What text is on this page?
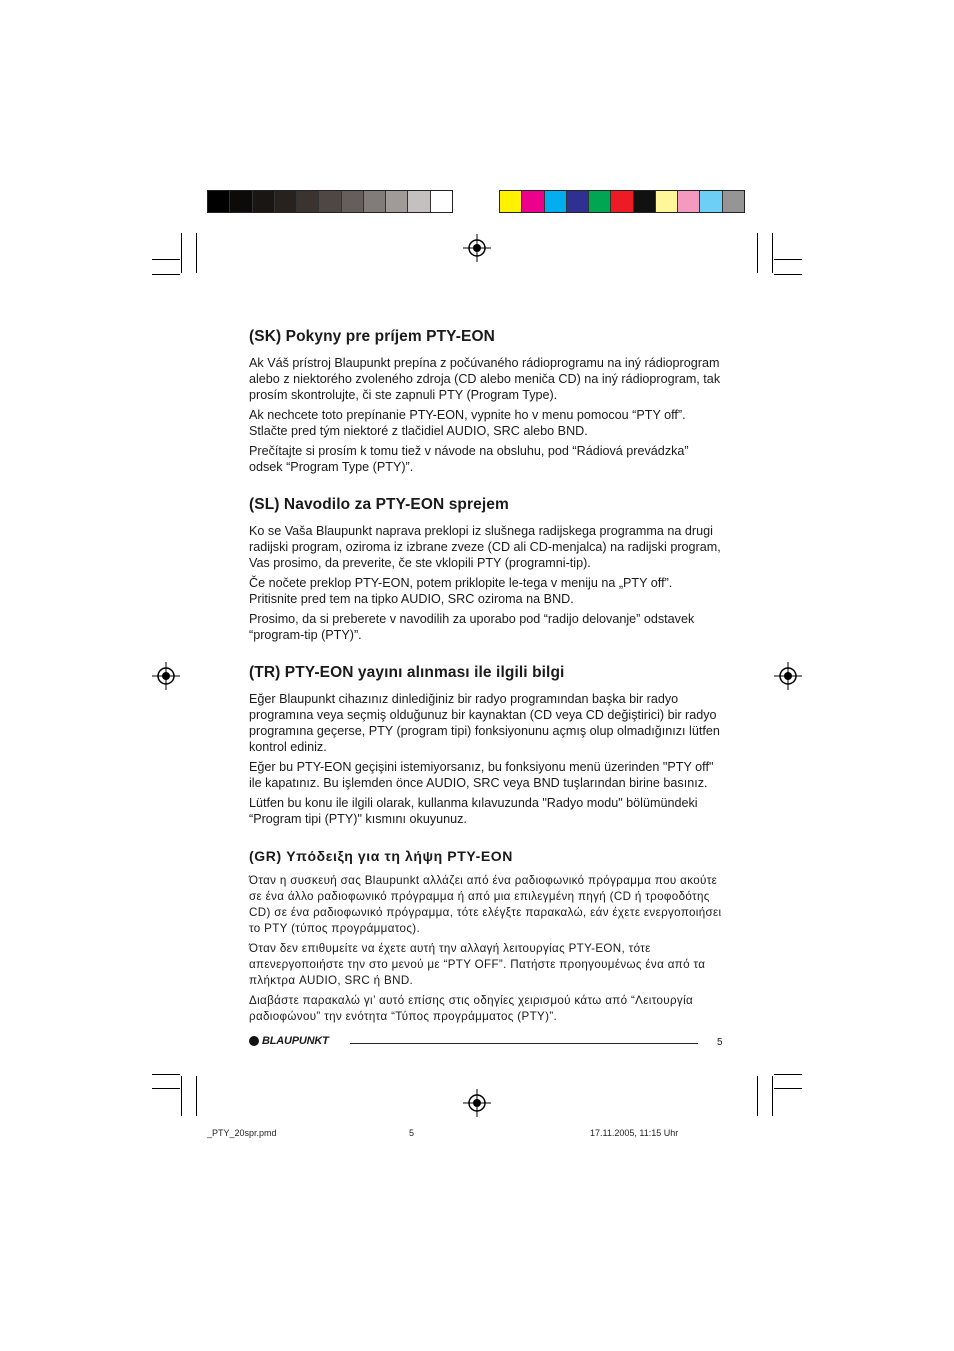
(SK) Pokyny pre príjem PTY-EON

Ak Váš prístroj Blaupunkt prepína z počúvaného rádioprogramu na iný rádioprogram alebo z niektorého zvoleného zdroja (CD alebo meniča CD) na iný rádioprogram, tak prosím skontrolujte, či ste zapnuli PTY (Program Type).

Ak nechcete toto prepínanie PTY-EON, vypnite ho v menu pomocou “PTY off”. Stlačte pred tým niektoré z tlačidiel AUDIO, SRC alebo BND.

Prečítajte si prosím k tomu tiež v návode na obsluhu, pod “Rádiová prevádzka” odsek “Program Type (PTY)”.

(SL) Navodilo za PTY-EON sprejem

Ko se Vaša Blaupunkt naprava preklopi iz slušnega radijskega programma na drugi radijski program, oziroma iz izbrane zveze (CD ali CD-menjalca) na radijski program, Vas prosimo, da preverite, če ste vklopili PTY (programni-tip).

Če nočete preklop PTY-EON, potem priklopite le-tega v meniju na „PTY off”. Pritisnite pred tem na tipko AUDIO, SRC oziroma na BND.

Prosimo, da si preberete v navodilih za uporabo pod “radijo delovanje” odstavek “program-tip (PTY)”.

(TR) PTY-EON yayını alınması ile ilgili bilgi

Eğer Blaupunkt cihazınız dinlediğiniz bir radyo programından başka bir radyo programına veya seçmiş olduğunuz bir kaynaktan (CD veya CD değiştirici) bir radyo programına geçerse, PTY (program tipi) fonksiyonunu açmış olup olmadığınızı lütfen kontrol ediniz.

Eğer bu PTY-EON geçişini istemiyorsanız, bu fonksiyonu menü üzerinden "PTY off" ile kapatınız. Bu işlemden önce AUDIO, SRC veya BND tuşlarından birine basınız.

Lütfen bu konu ile ilgili olarak, kullanma kılavuzunda "Radyo modu" bölümündeki “Program tipi (PTY)" kısmını okuyunuz.

(GR) Υπόδειξη για τη λήψη PTY-EON

Όταν η συσκευή σας Blaupunkt αλλάζει από ένα ραδιοφωνικό πρόγραμμα που ακούτε σε ένα άλλο ραδιοφωνικό πρόγραμμα ή από μια επιλεγμένη πηγή (CD ή τροφοδότης CD) σε ένα ραδιοφωνικό πρόγραμμα, τότε ελέγξτε παρακαλώ, εάν έχετε ενεργοποιήσει το PTY (τύπος προγράμματος).

Όταν δεν επιθυμείτε να έχετε αυτή την αλλαγή λειτουργίας PTY-EON, τότε απενεργοποιήστε την στο μενού με “PTY OFF”. Πατήστε προηγουμένως ένα από τα πλήκτρα AUDIO, SRC ή BND.

Διαβάστε παρακαλώ γι’ αυτό επίσης στις οδηγίες χειρισμού κάτω από “Λειτουργία ραδιοφώνου” την ενότητα “Τύπος προγράμματος (PTY)”.

BLAUPUNKT	5
_PTY_20spr.pmd	5	17.11.2005, 11:15 Uhr
